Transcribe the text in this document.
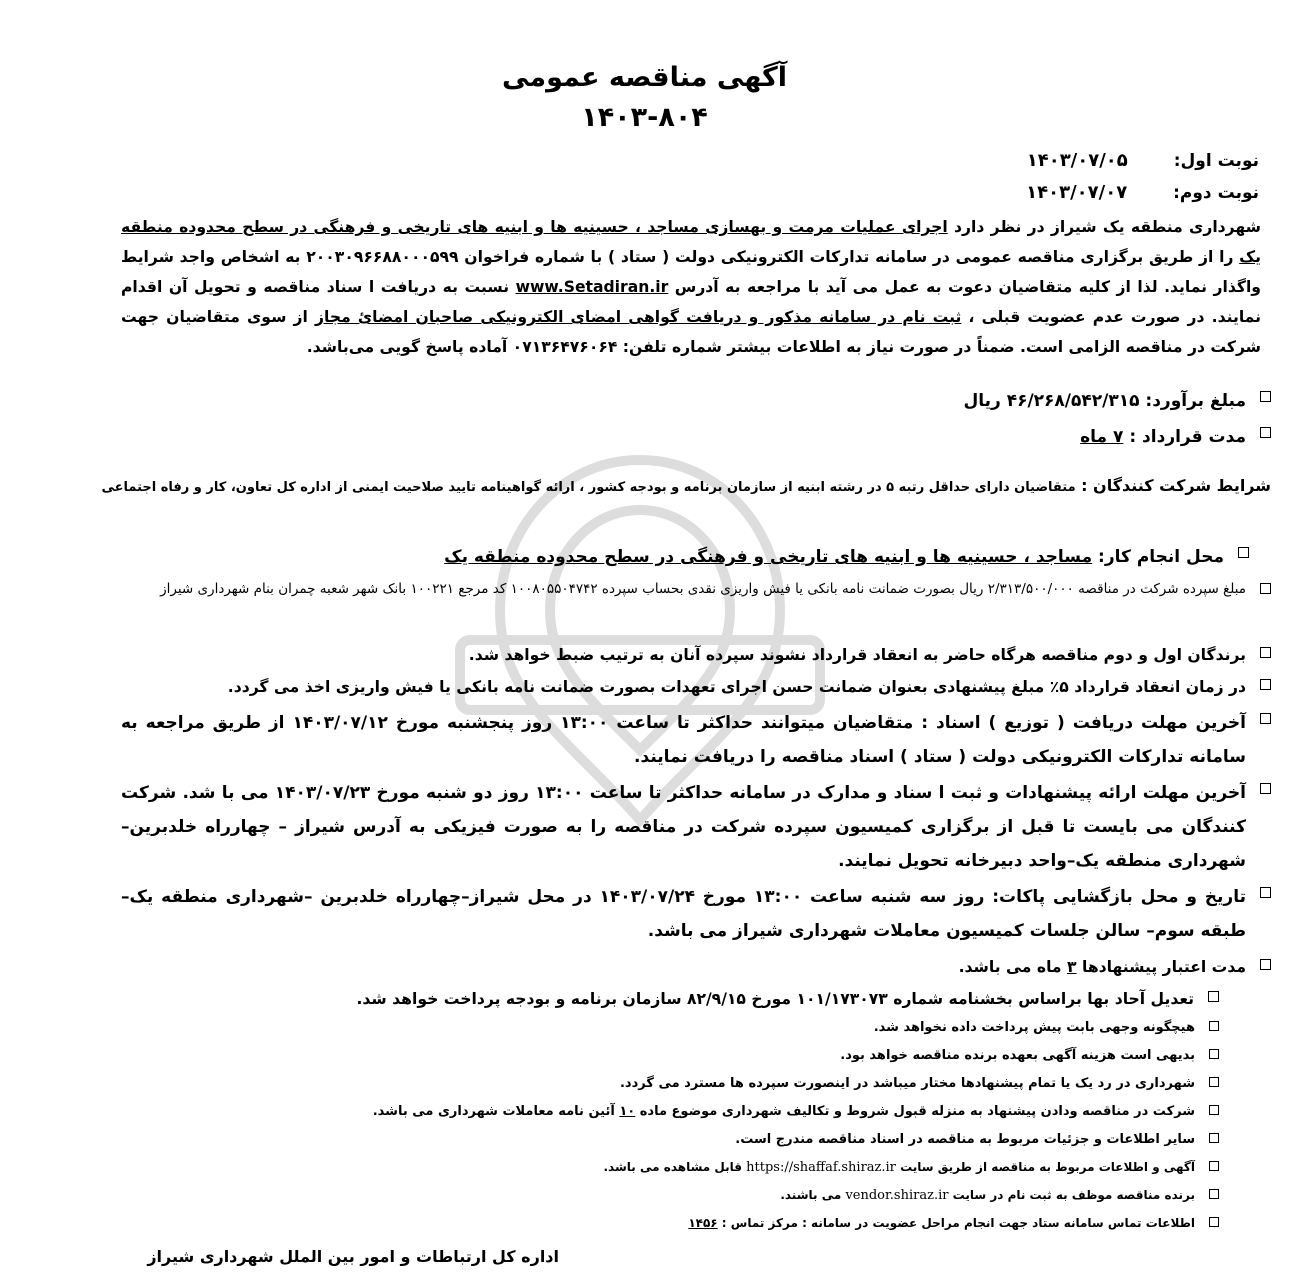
آگهی مناقصه عمومی
۱۴۰۳-۸۰۴
نوبت اول: ۱۴۰۳/۰۷/۰۵
نوبت دوم: ۱۴۰۳/۰۷/۰۷
شهرداری منطقه یک شیراز در نظر دارد اجرای عملیات مرمت و بهسازی مساجد ، حسینیه ها و ابنیه های تاریخی و فرهنگی در سطح محدوده منطقه یک را از طریق برگزاری مناقصه عمومی در سامانه تدارکات الکترونیکی دولت ( ستاد ) با شماره فراخوان ۲۰۰۳۰۹۶۶۸۸۰۰۰۵۹۹ به اشخاص واجد شرایط واگذار نماید. لذا از کلیه متقاضیان دعوت به عمل می آید با مراجعه به آدرس www.Setadiran.ir نسبت به دریافت ا سناد مناقصه و تحویل آن اقدام نمایند. در صورت عدم عضویت قبلی ، ثبت نام در سامانه مذکور و دریافت گواهی امضای الکترونیکی صاحبان امضائ مجاز از سوی متقاضیان جهت شرکت در مناقصه الزامی است. ضمناً در صورت نیاز به اطلاعات بیشتر شماره تلفن: ۰۷۱۳۶۴۷۶۰۶۴ آماده پاسخ گویی می‌باشد.
مبلغ برآورد: ۴۶/۲۶۸/۵۴۲/۳۱۵ ریال
مدت قرارداد : ۷ ماه
شرایط شرکت کنندگان : متقاضیان دارای حداقل رتبه ۵ در رشته ابنیه از سازمان برنامه و بودجه کشور ، ارائه گواهینامه تایید صلاحیت ایمنی از اداره کل تعاون، کار و رفاه اجتماعی
محل انجام کار: مساجد ، حسینیه ها و ابنیه های تاریخی و فرهنگی در سطح محدوده منطقه یک
مبلغ سپرده شرکت در مناقصه ۲/۳۱۳/۵۰۰/۰۰۰ ریال بصورت ضمانت نامه بانکی یا فیش واریزی نقدی بحساب سپرده ۱۰۰۸۰۵۵۰۴۷۴۲ کد مرجع ۱۰۰۲۲۱ بانک شهر شعبه چمران بنام شهرداری شیراز
برندگان اول و دوم مناقصه هرگاه حاضر به انعقاد قرارداد نشوند سپرده آنان به ترتیب ضبط خواهد شد.
در زمان انعقاد قرارداد ۵٪ مبلغ پیشنهادی بعنوان ضمانت حسن اجرای تعهدات بصورت ضمانت نامه بانکی یا فیش واریزی اخذ می گردد.
آخرین مهلت دریافت ( توزیع ) اسناد : متقاضیان میتوانند حداکثر تا ساعت ۱۳:۰۰ روز پنجشنبه مورخ ۱۴۰۳/۰۷/۱۲ از طریق مراجعه به سامانه تدارکات الکترونیکی دولت ( ستاد ) اسناد مناقصه را دریافت نمایند.
آخرین مهلت ارائه پیشنهادات و ثبت ا سناد و مدارک در سامانه حداکثر تا ساعت ۱۳:۰۰ روز دو شنبه مورخ ۱۴۰۳/۰۷/۲۳ می با شد. شرکت کنندگان می بایست تا قبل از برگزاری کمیسیون سپرده شرکت در مناقصه را به صورت فیزیکی به آدرس شیراز – چهارراه خلدبرین–شهرداری منطقه یک–واحد دبیرخانه تحویل نمایند.
تاریخ و محل بازگشایی پاکات: روز سه شنبه ساعت ۱۳:۰۰ مورخ ۱۴۰۳/۰۷/۲۴ در محل شیراز–چهارراه خلدبرین –شهرداری منطقه یک– طبقه سوم– سالن جلسات کمیسیون معاملات شهرداری شیراز می باشد.
مدت اعتبار پیشنهادها ۳ ماه می باشد.
تعدیل آحاد بها براساس بخشنامه شماره ۱۰۱/۱۷۳۰۷۳ مورخ ۸۲/۹/۱۵ سازمان برنامه و بودجه پرداخت خواهد شد.
هیچگونه وجهی بابت پیش پرداخت داده نخواهد شد.
بدیهی است هزینه آگهی بعهده برنده مناقصه خواهد بود.
شهرداری در رد یک یا تمام پیشنهادها مختار میباشد در اینصورت سپرده ها مسترد می گردد.
شرکت در مناقصه ودادن پیشنهاد به منزله قبول شروط و تکالیف شهرداری موضوع ماده ۱۰ آئین نامه معاملات شهرداری می باشد.
سایر اطلاعات و جزئیات مربوط به مناقصه در اسناد مناقصه مندرج است.
آگهی و اطلاعات مربوط به مناقصه از طریق سایت https://shaffaf.shiraz.ir قابل مشاهده می باشد.
برنده مناقصه موظف به ثبت نام در سایت vendor.shiraz.ir می باشند.
اطلاعات تماس سامانه ستاد جهت انجام مراحل عضویت در سامانه : مرکز تماس : ۱۴۵۶
اداره کل ارتباطات و امور بین الملل شهرداری شیراز
